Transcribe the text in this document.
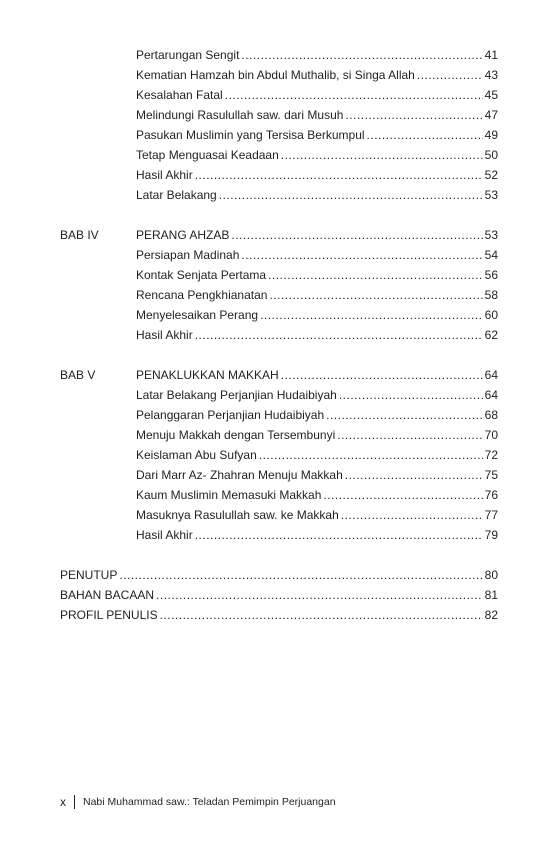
Pertarungan Sengit .....	41
Kematian Hamzah bin Abdul Muthalib, si Singa Allah .....	43
Kesalahan Fatal .....	45
Melindungi Rasulullah saw. dari Musuh .....	47
Pasukan Muslimin yang Tersisa Berkumpul .....	49
Tetap Menguasai Keadaan .....	50
Hasil Akhir .....	52
Latar Belakang .....	53
BAB IV	PERANG AHZAB .....	53
Persiapan Madinah .....	54
Kontak Senjata Pertama .....	56
Rencana Pengkhianatan .....	58
Menyelesaikan Perang .....	60
Hasil Akhir .....	62
BAB V	PENAKLUKKAN MAKKAH .....	64
Latar Belakang Perjanjian Hudaibiyah .....	64
Pelanggaran Perjanjian Hudaibiyah .....	68
Menuju Makkah dengan Tersembunyi .....	70
Keislaman Abu Sufyan .....	72
Dari Marr Az- Zhahran Menuju Makkah .....	75
Kaum Muslimin Memasuki Makkah .....	76
Masuknya Rasulullah saw. ke Makkah .....	77
Hasil Akhir .....	79
PENUTUP .....	80
BAHAN BACAAN .....	81
PROFIL PENULIS .....	82
x Nabi Muhammad saw.: Teladan Pemimpin Perjuangan
